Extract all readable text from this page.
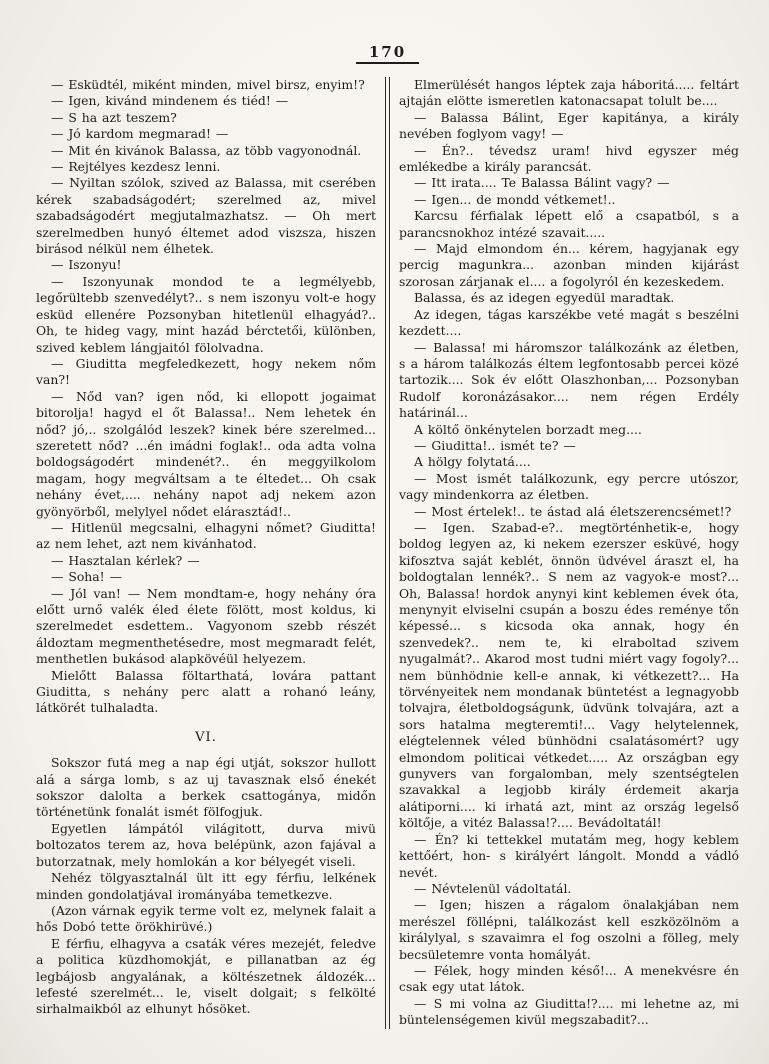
170

— Esküdtél, miként minden, mivel birsz, enyim!?

— Igen, kivánd mindenem és tiéd! —

— S ha azt teszem?

— Jó kardom megmarad! —

— Mit én kivánok Balassa, az több vagyonodnál.

— Rejtélyes kezdesz lenni.

— Nyiltan szólok, szived az Balassa, mit cserében kérek szabadságodért; szerelmed az, mivel szabadságodért megjutalmazhatsz. — Oh mert szerelmedben hunyó éltemet adod viszsza, hiszen birásod nélkül nem élhetek.

— Iszonyu!

— Iszonyunak mondod te a legmélyebb, legőrültebb szenvedélyt?.. s nem iszonyu volt-e hogy esküd ellenére Pozsonyban hitetlenül elhagyád?.. Oh, te hideg vagy, mint hazád bérctetői, különben, szived keblem lángjaitól fölolvadna.

— Giuditta megfeledkezett, hogy nekem nőm van?!

— Nőd van? igen nőd, ki ellopott jogaimat bitorolja! hagyd el őt Balassa!.. Nem lehetek én nőd? jó,.. szolgálód leszek? kinek bére szerelmed... szeretett nőd? ...én imádni foglak!.. oda adta volna boldogságodért mindenét?.. én meggyilkolom magam, hogy megváltsam a te éltedet... Oh csak nehány évet,.... nehány napot adj nekem azon gyönyörből, melylyel nődet elárasztád!..

— Hitlenül megcsalni, elhagyni nőmet? Giuditta! az nem lehet, azt nem kivánhatod.

— Hasztalan kérlek? —

— Soha! —

— Jól van! — Nem mondtam-e, hogy nehány óra előtt urnő valék éled élete fölött, most koldus, ki szerelmedet esdettem.. Vagyonom szebb részét áldoztam megmenthetésedre, most megmaradt felét, menthetlen bukásod alapkövéül helyezem.

Mielőtt Balassa föltarthatá, lovára pattant Giuditta, s nehány perc alatt a rohanó leány, látkörét tulhaladta.

VI.

Sokszor futá meg a nap égi utját, sokszor hullott alá a sárga lomb, s az uj tavasznak első énekét sokszor dalolta a berkek csattogánya, midőn történetünk fonalát ismét fölfogjuk.

Egyetlen lámpától világitott, durva mivü boltozatos terem az, hova belépünk, azon fajával a butorzatnak, mely homlokán a kor bélyegét viseli.

Nehéz tölgyasztalnál ült itt egy férfiu, lelkének minden gondolatjával irományába temetkezve.

(Azon várnak egyik terme volt ez, melynek falait a hős Dobó tette örökhirüvé.)

E férfiu, elhagyva a csaták véres mezejét, feledve a politica küzdhomokját, e pillanatban az ég legbájosb angyalának, a költészetnek áldozék... lefesté szerelmét... le, viselt dolgait; s felkölté sirhalmaikból az elhunyt hősöket.

Elmerülését hangos léptek zaja háboritá..... feltárt ajtaján elötte ismeretlen katonacsapat tolult be....

— Balassa Bálint, Eger kapitánya, a király nevében foglyom vagy! —

— Én?.. tévedsz uram! hivd egyszer még emlékedbe a király parancsát.

— Itt irata.... Te Balassa Bálint vagy? —

— Igen... de mondd vétkemet!..

Karcsu férfialak lépett elő a csapatból, s a parancsnokhoz intézé szavait.....

— Majd elmondom én... kérem, hagyjanak egy percig magunkra... azonban minden kijárást szorosan zárjanak el.... a fogolyról én kezeskedem.

Balassa, és az idegen egyedül maradtak.

Az idegen, tágas karszékbe veté magát s beszélni kezdett....

— Balassa! mi háromszor találkozánk az életben, s a három találkozás éltem legfontosabb percei közé tartozik.... Sok év előtt Olaszhonban,... Pozsonyban Rudolf koronázásakor.... nem régen Erdély határinál...

A költő önkénytelen borzadt meg....

— Giuditta!.. ismét te? —

A hölgy folytatá....

— Most ismét találkozunk, egy percre utószor, vagy mindenkorra az életben.

— Most értelek!.. te ástad alá életszerencsémet!?

— Igen. Szabad-e?.. megtörténhetik-e, hogy boldog legyen az, ki nekem ezerszer esküvé, hogy kifosztva saját keblét, önnön üdvével áraszt el, ha boldogtalan lennék?.. S nem az vagyok-e most?... Oh, Balassa! hordok anynyi kint keblemen évek óta, menynyit elviselni csupán a boszu édes reménye tőn képessé... s kicsoda oka annak, hogy én szenvedek?.. nem te, ki elraboltad szivem nyugalmát?.. Akarod most tudni miért vagy fogoly?... nem bünhödnie kell-e annak, ki vétkezett?... Ha törvényeitek nem mondanak büntetést a legnagyobb tolvajra, életboldogságunk, üdvünk tolvajára, azt a sors hatalma megteremti!... Vagy helytelennek, elégtelennek véled bünhödni csalatásomért? ugy elmondom politicai vétkedet..... Az országban egy gunyvers van forgalomban, mely szentségtelen szavakkal a legjobb király érdemeit akarja alátiporni.... ki irhatá azt, mint az ország legelső költője, a vitéz Balassa!?.... Bevádoltatál!

— Én? ki tettekkel mutatám meg, hogy keblem kettőért, hon- s királyért lángolt. Mondd a vádló nevét.

— Névtelenül vádoltatál.

— Igen; hiszen a rágalom önalakjában nem merészel föllépni, találkozást kell eszközölnöm a királylyal, s szavaimra el fog oszolni a fölleg, mely becsületemre vonta homályát.

— Félek, hogy minden késő!... A menekvésre én csak egy utat látok.

— S mi volna az Giuditta!?.... mi lehetne az, mi büntelenségemen kivül megszabadit?...
